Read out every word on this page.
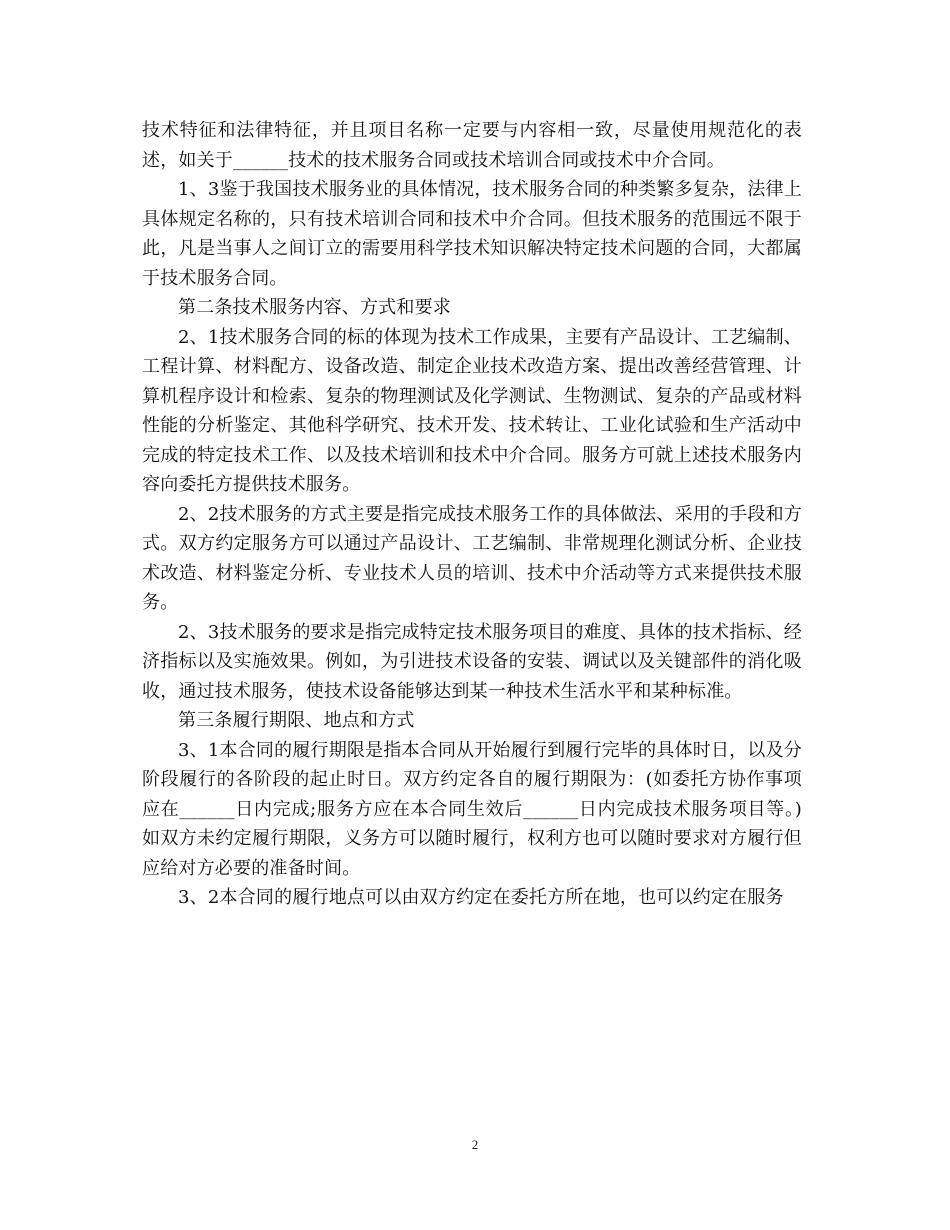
技术特征和法律特征，并且项目名称一定要与内容相一致，尽量使用规范化的表述，如关于______技术的技术服务合同或技术培训合同或技术中介合同。

1、3鉴于我国技术服务业的具体情况，技术服务合同的种类繁多复杂，法律上具体规定名称的，只有技术培训合同和技术中介合同。但技术服务的范围远不限于此，凡是当事人之间订立的需要用科学技术知识解决特定技术问题的合同，大都属于技术服务合同。

第二条技术服务内容、方式和要求

2、1技术服务合同的标的体现为技术工作成果，主要有产品设计、工艺编制、工程计算、材料配方、设备改造、制定企业技术改造方案、提出改善经营管理、计算机程序设计和检索、复杂的物理测试及化学测试、生物测试、复杂的产品或材料性能的分析鉴定、其他科学研究、技术开发、技术转让、工业化试验和生产活动中完成的特定技术工作、以及技术培训和技术中介合同。服务方可就上述技术服务内容向委托方提供技术服务。

2、2技术服务的方式主要是指完成技术服务工作的具体做法、采用的手段和方式。双方约定服务方可以通过产品设计、工艺编制、非常规理化测试分析、企业技术改造、材料鉴定分析、专业技术人员的培训、技术中介活动等方式来提供技术服务。

2、3技术服务的要求是指完成特定技术服务项目的难度、具体的技术指标、经济指标以及实施效果。例如，为引进技术设备的安装、调试以及关键部件的消化吸收，通过技术服务，使技术设备能够达到某一种技术生活水平和某种标准。

第三条履行期限、地点和方式

3、1本合同的履行期限是指本合同从开始履行到履行完毕的具体时日，以及分阶段履行的各阶段的起止时日。双方约定各自的履行期限为：(如委托方协作事项应在______日内完成;服务方应在本合同生效后______日内完成技术服务项目等。)如双方未约定履行期限，义务方可以随时履行，权利方也可以随时要求对方履行但应给对方必要的准备时间。

3、2本合同的履行地点可以由双方约定在委托方所在地，也可以约定在服务

2
